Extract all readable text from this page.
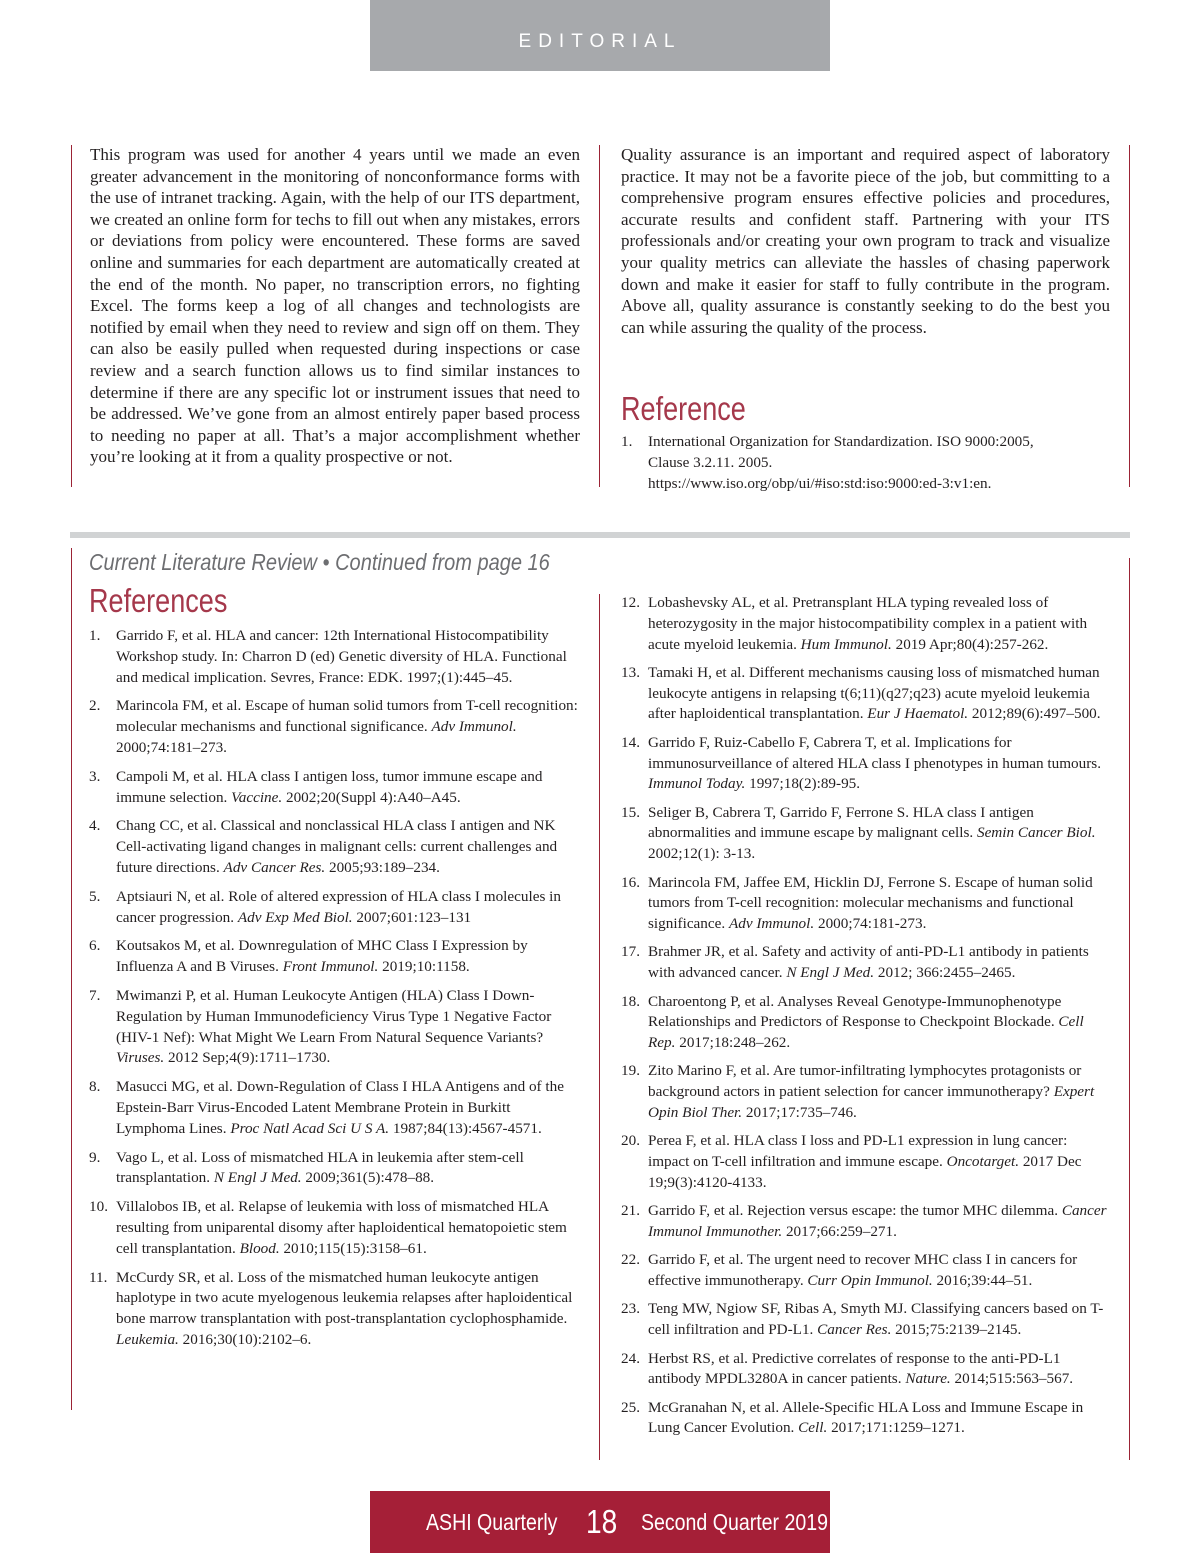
EDITORIAL

This program was used for another 4 years until we made an even greater advancement in the monitoring of nonconformance forms with the use of intranet tracking. Again, with the help of our ITS department, we created an online form for techs to fill out when any mistakes, errors or deviations from policy were encountered. These forms are saved online and summaries for each department are automatically created at the end of the month. No paper, no transcription errors, no fighting Excel. The forms keep a log of all changes and technologists are notified by email when they need to review and sign off on them. They can also be easily pulled when requested during inspections or case review and a search function allows us to find similar instances to determine if there are any specific lot or instrument issues that need to be addressed. We’ve gone from an almost entirely paper based process to needing no paper at all. That’s a major accomplishment whether you’re looking at it from a quality prospective or not.

Quality assurance is an important and required aspect of laboratory practice. It may not be a favorite piece of the job, but committing to a comprehensive program ensures effective policies and procedures, accurate results and confident staff. Partnering with your ITS professionals and/or creating your own program to track and visualize your quality metrics can alleviate the hassles of chasing paperwork down and make it easier for staff to fully contribute in the program. Above all, quality assurance is constantly seeking to do the best you can while assuring the quality of the process.

Reference
1.	International Organization for Standardization. ISO 9000:2005, Clause 3.2.11. 2005. https://www.iso.org/obp/ui/#iso:std:iso:9000:ed-3:v1:en.
Current Literature Review • Continued from page 16
References
1.	Garrido F, et al. HLA and cancer: 12th International Histocompatibility Workshop study. In: Charron D (ed) Genetic diversity of HLA. Functional and medical implication. Sevres, France: EDK. 1997;(1):445–45.
2.	Marincola FM, et al. Escape of human solid tumors from T-cell recognition: molecular mechanisms and functional significance. Adv Immunol. 2000;74:181–273.
3.	Campoli M, et al. HLA class I antigen loss, tumor immune escape and immune selection. Vaccine. 2002;20(Suppl 4):A40–A45.
4.	Chang CC, et al. Classical and nonclassical HLA class I antigen and NK Cell-activating ligand changes in malignant cells: current challenges and future directions. Adv Cancer Res. 2005;93:189–234.
5.	Aptsiauri N, et al. Role of altered expression of HLA class I molecules in cancer progression. Adv Exp Med Biol. 2007;601:123–131
6.	Koutsakos M, et al. Downregulation of MHC Class I Expression by Influenza A and B Viruses. Front Immunol. 2019;10:1158.
7.	Mwimanzi P, et al. Human Leukocyte Antigen (HLA) Class I Down-Regulation by Human Immunodeficiency Virus Type 1 Negative Factor (HIV-1 Nef): What Might We Learn From Natural Sequence Variants? Viruses. 2012 Sep;4(9):1711–1730.
8.	Masucci MG, et al. Down-Regulation of Class I HLA Antigens and of the Epstein-Barr Virus-Encoded Latent Membrane Protein in Burkitt Lymphoma Lines. Proc Natl Acad Sci U S A. 1987;84(13):4567-4571.
9.	Vago L, et al. Loss of mismatched HLA in leukemia after stem-cell transplantation. N Engl J Med. 2009;361(5):478–88.
10. Villalobos IB, et al. Relapse of leukemia with loss of mismatched HLA resulting from uniparental disomy after haploidentical hematopoietic stem cell transplantation. Blood. 2010;115(15):3158–61.
11. McCurdy SR, et al. Loss of the mismatched human leukocyte antigen haplotype in two acute myelogenous leukemia relapses after haploidentical bone marrow transplantation with post-transplantation cyclophosphamide. Leukemia. 2016;30(10):2102–6.
12. Lobashevsky AL, et al. Pretransplant HLA typing revealed loss of heterozygosity in the major histocompatibility complex in a patient with acute myeloid leukemia. Hum Immunol. 2019 Apr;80(4):257-262.
13. Tamaki H, et al. Different mechanisms causing loss of mismatched human leukocyte antigens in relapsing t(6;11)(q27;q23) acute myeloid leukemia after haploidentical transplantation. Eur J Haematol. 2012;89(6):497–500.
14. Garrido F, Ruiz-Cabello F, Cabrera T, et al. Implications for immunosurveillance of altered HLA class I phenotypes in human tumours. Immunol Today. 1997;18(2):89-95.
15. Seliger B, Cabrera T, Garrido F, Ferrone S. HLA class I antigen abnormalities and immune escape by malignant cells. Semin Cancer Biol. 2002;12(1): 3-13.
16. Marincola FM, Jaffee EM, Hicklin DJ, Ferrone S. Escape of human solid tumors from T-cell recognition: molecular mechanisms and functional significance. Adv Immunol. 2000;74:181-273.
17. Brahmer JR, et al. Safety and activity of anti-PD-L1 antibody in patients with advanced cancer. N Engl J Med. 2012; 366:2455–2465.
18. Charoentong P, et al. Analyses Reveal Genotype-Immunophenotype Relationships and Predictors of Response to Checkpoint Blockade. Cell Rep. 2017;18:248–262.
19. Zito Marino F, et al. Are tumor-infiltrating lymphocytes protagonists or background actors in patient selection for cancer immunotherapy? Expert Opin Biol Ther. 2017;17:735–746.
20. Perea F, et al. HLA class I loss and PD-L1 expression in lung cancer: impact on T-cell infiltration and immune escape. Oncotarget. 2017 Dec 19;9(3):4120-4133.
21. Garrido F, et al. Rejection versus escape: the tumor MHC dilemma. Cancer Immunol Immunother. 2017;66:259–271.
22. Garrido F, et al. The urgent need to recover MHC class I in cancers for effective immunotherapy. Curr Opin Immunol. 2016;39:44–51.
23. Teng MW, Ngiow SF, Ribas A, Smyth MJ. Classifying cancers based on T-cell infiltration and PD-L1. Cancer Res. 2015;75:2139–2145.
24. Herbst RS, et al. Predictive correlates of response to the anti-PD-L1 antibody MPDL3280A in cancer patients. Nature. 2014;515:563–567.
25. McGranahan N, et al. Allele-Specific HLA Loss and Immune Escape in Lung Cancer Evolution. Cell. 2017;171:1259–1271.
ASHI Quarterly 18 Second Quarter 2019
